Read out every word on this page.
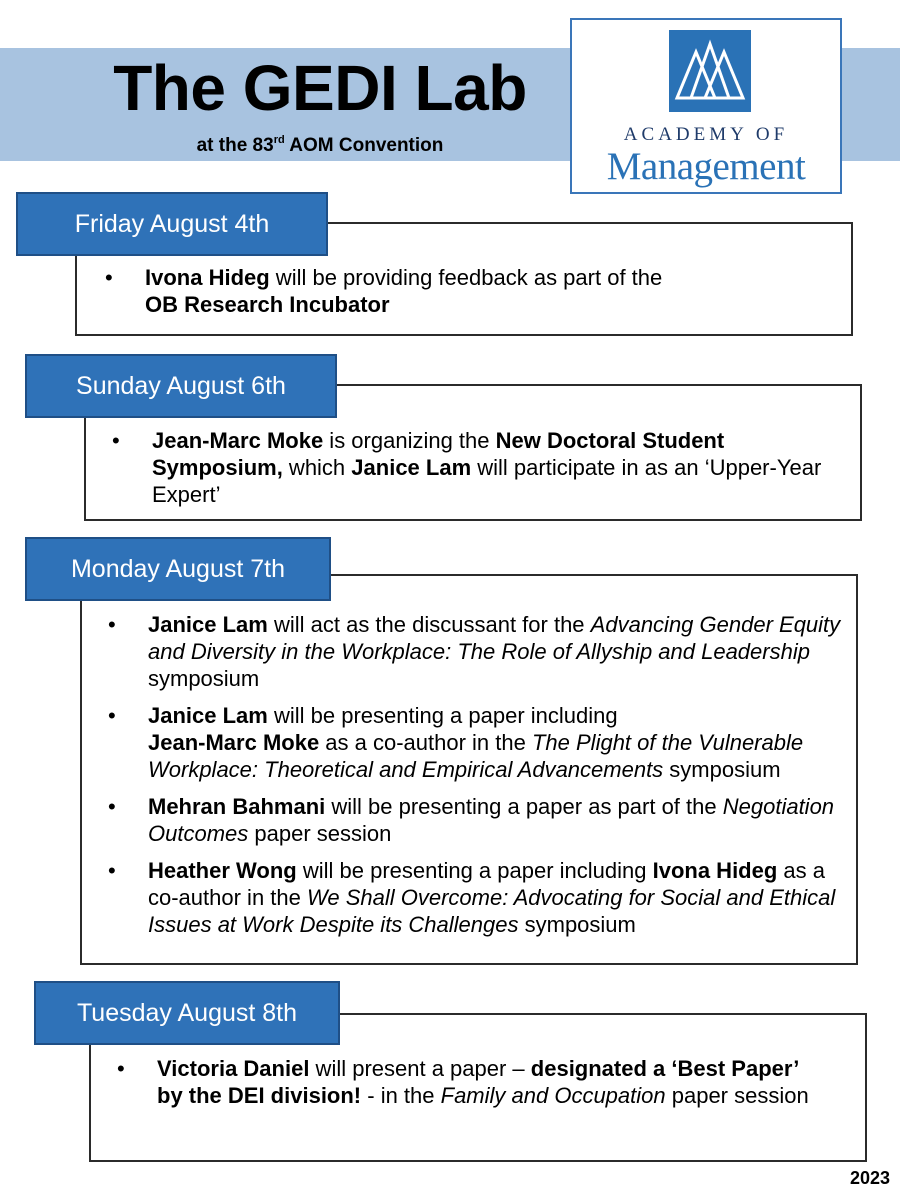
The GEDI Lab
at the 83rd AOM Convention
ACADEMY OF
Management
Friday August 4th
• Ivona Hideg will be providing feedback as part of the
OB Research Incubator
Sunday August 6th
• Jean-Marc Moke is organizing the New Doctoral Student Symposium, which Janice Lam will participate in as an ‘Upper-Year Expert’
Monday August 7th
• Janice Lam will act as the discussant for the Advancing Gender Equity and Diversity in the Workplace: The Role of Allyship and Leadership symposium
• Janice Lam will be presenting a paper including
Jean-Marc Moke as a co-author in the The Plight of the Vulnerable Workplace: Theoretical and Empirical Advancements symposium
• Mehran Bahmani will be presenting a paper as part of the Negotiation Outcomes paper session
• Heather Wong will be presenting a paper including Ivona Hideg as a co-author in the We Shall Overcome: Advocating for Social and Ethical Issues at Work Despite its Challenges symposium
Tuesday August 8th
• Victoria Daniel will present a paper – designated a ‘Best Paper’ by the DEI division! - in the Family and Occupation paper session
2023
